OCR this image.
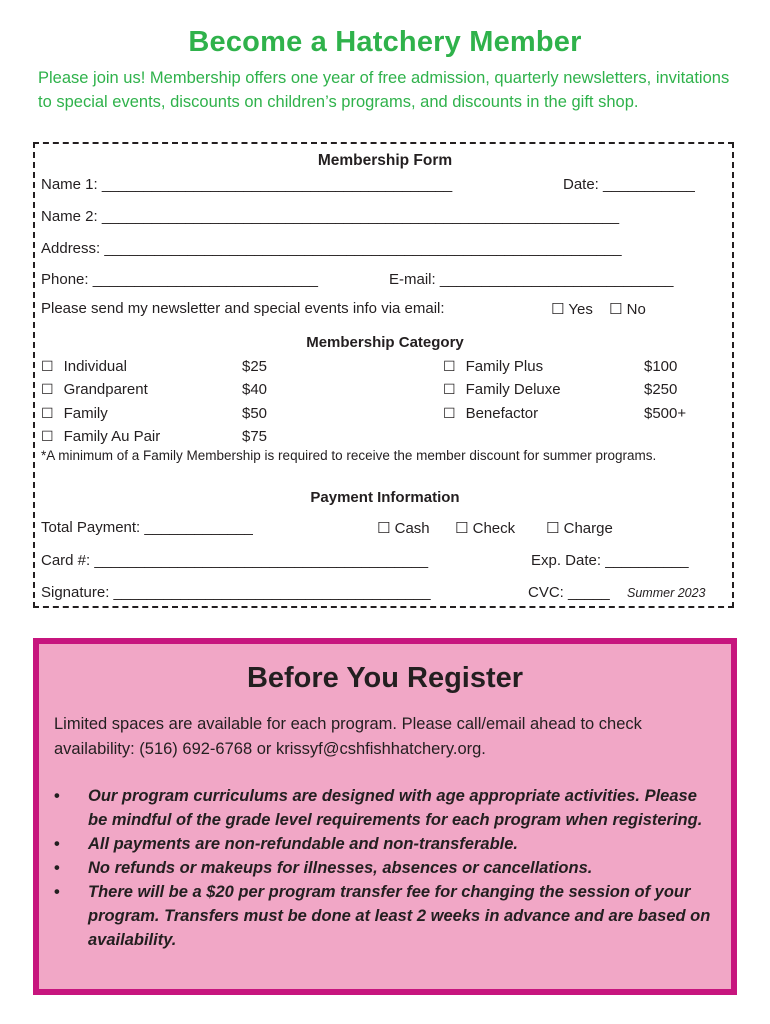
Become a Hatchery Member
Please join us! Membership offers one year of free admission, quarterly newsletters, invitations to special events, discounts on children’s programs, and discounts in the gift shop.
Membership Form
Name 1: __________________________________________	Date: ___________
Name 2: ______________________________________________________________
Address: ______________________________________________________________
Phone: ___________________________	E-mail: ____________________________
Please send my newsletter and special events info via email:	☐ Yes ☐ No
Membership Category
☐ Individual	$25
☐ Grandparent	$40
☐ Family	$50
☐ Family Au Pair	$75
☐ Family Plus	$100
☐ Family Deluxe	$250
☐ Benefactor	$500+
*A minimum of a Family Membership is required to receive the member discount for summer programs.
Payment Information
Total Payment: _____________	☐ Cash ☐ Check ☐ Charge
Card #: ________________________________________	Exp. Date: __________
Signature: ______________________________________	CVC: _____ Summer 2023
Before You Register
Limited spaces are available for each program. Please call/email ahead to check availability: (516) 692-6768 or krissyf@cshfishhatchery.org.
• Our program curriculums are designed with age appropriate activities. Please be mindful of the grade level requirements for each program when registering.
• All payments are non-refundable and non-transferable.
• No refunds or makeups for illnesses, absences or cancellations.
• There will be a $20 per program transfer fee for changing the session of your program. Transfers must be done at least 2 weeks in advance and are based on availability.
